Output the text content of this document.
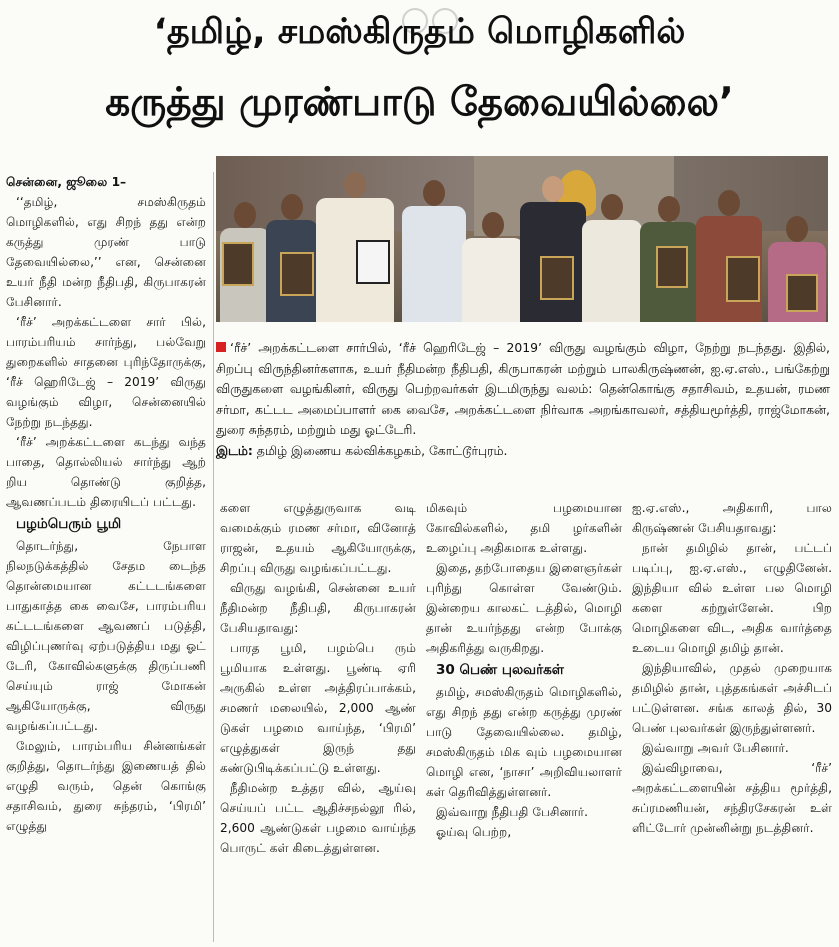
‘தமிழ், சமஸ்கிருதம் மொழிகளில்
கருத்து முரண்பாடு தேவையில்லை’

சென்னை, ஜூலை 1–

‘‘தமிழ், சமஸ்கிருதம் மொழிகளில், எது சிறந் தது என்ற கருத்து முரண் பாடு தேவையில்லை,’’ என, சென்னை உயர் நீதி மன்ற நீதிபதி, கிருபாகரன் பேசினார்.

‘ரீச்’ அறக்கட்டளை சார் பில், பாரம்பரியம் சார்ந்து, பல்வேறு துறைகளில் சாதனை புரிந்தோருக்கு, ‘ரீச் ஹெரிடேஜ் – 2019’ விருது வழங்கும் விழா, சென்னையில் நேற்று நடந்தது.

‘ரீச்’ அறக்கட்டளை கடந்து வந்த பாதை, தொல்லியல் சார்ந்து ஆற் றிய தொண்டு குறித்த, ஆவணப்படம் திரையிடப் பட்டது.

பழம்பெரும் பூமி

தொடர்ந்து, நேபாள நிலநடுக்கத்தில் சேதம டைந்த தொன்மையான கட்டடங்களை பாதுகாத்த கை வைசே, பாரம்பரிய கட்டடங்களை ஆவணப் படுத்தி, விழிப்புணர்வு ஏற்படுத்திய மது ஓட் டேரி, கோவில்களுக்கு திருப்பணி செய்யும் ராஜ் மோகன் ஆகியோருக்கு, விருது வழங்கப்பட்டது.

மேலும், பாரம்பரிய சின்னங்கள் குறித்து, தொடர்ந்து இணையத் தில் எழுதி வரும், தென் கொங்கு சதாசிவம், துரை சுந்தரம், ‘பிரமி’ எழுத்து

‘ரீச்’ அறக்கட்டளை சார்பில், ‘ரீச் ஹெரிடேஜ் – 2019’ விருது வழங்கும் விழா, நேற்று நடந்தது. இதில், சிறப்பு விருந்தினர்களாக, உயர் நீதிமன்ற நீதிபதி, கிருபாகரன் மற்றும் பாலகிருஷ்ணன், ஐ.ஏ.எஸ்., பங்கேற்று விருதுகளை வழங்கினர், விருது பெற்றவர்கள் இடமிருந்து வலம்: தென்கொங்கு சதாசிவம், உதயன், ரமண சர்மா, கட்டட அமைப்பாளர் கை வைசே, அறக்கட்டளை நிர்வாக அறங்காவலர், சத்தியமூர்த்தி, ராஜ்மோகன், துரை சுந்தரம், மற்றும் மது ஓட்டேரி.
இடம்: தமிழ் இணைய கல்விக்கழகம், கோட்டூர்புரம்.

களை எழுத்துருவாக வடி வமைக்கும் ரமண சர்மா, வினோத் ராஜன், உதயம் ஆகியோருக்கு, சிறப்பு விருது வழங்கப்பட்டது.

விருது வழங்கி, சென்னை உயர் நீதிமன்ற நீதிபதி, கிருபாகரன் பேசியதாவது:

பாரத பூமி, பழம்பெ ரும் பூமியாக உள்ளது. பூண்டி ஏரி அருகில் உள்ள அத்திரப்பாக்கம், சமணர் மலையில், 2,000 ஆண் டுகள் பழமை வாய்ந்த, ‘பிரமி’ எழுத்துகள் இருந் தது கண்டுபிடிக்கப்பட்டு உள்ளது.

நீதிமன்ற உத்தர வில், ஆய்வு செய்யப் பட்ட ஆதிச்சநல்லூ ரில், 2,600 ஆண்டுகள் பழமை வாய்ந்த பொருட் கள் கிடைத்துள்ளன.

மிகவும் பழமையான கோவில்களில், தமி ழர்களின் உழைப்பு அதிகமாக உள்ளது.

இதை, தற்போதைய இளைஞர்கள் புரிந்து கொள்ள வேண்டும். இன்றைய காலகட் டத்தில், மொழி தான் உயர்ந்தது என்ற போக்கு அதிகரித்து வருகிறது.

30 பெண் புலவர்கள்

தமிழ், சமஸ்கிருதம் மொழிகளில், எது சிறந் தது என்ற கருத்து முரண் பாடு தேவையில்லை. தமிழ், சமஸ்கிருதம் மிக வும் பழமையான மொழி என, ‘நாசா’ அறிவியலாளர் கள் தெரிவித்துள்ளனர்.

இவ்வாறு நீதிபதி பேசினார்.

ஓய்வு பெற்ற,

ஐ.ஏ.எஸ்., அதிகாரி, பால கிருஷ்ணன் பேசியதாவது:

நான் தமிழில் தான், பட்டப் படிப்பு, ஐ.ஏ.எஸ்., எழுதினேன். இந்தியா வில் உள்ள பல மொழி களை கற்றுள்ளேன். பிற மொழிகளை விட, அதிக வார்த்தை உடைய மொழி தமிழ் தான்.

இந்தியாவில், முதல் முறையாக தமிழில் தான், புத்தகங்கள் அச்சிடப் பட்டுள்ளன. சங்க காலத் தில், 30 பெண் புலவர்கள் இருந்துள்ளனர்.

இவ்வாறு அவர் பேசினார்.

இவ்விழாவை, ‘ரீச்’ அறக்கட்டளையின் சத்திய மூர்த்தி, சுப்ரமணியன், சந்திரசேகரன் உள் ளிட்டோர் முன்னின்று நடத்தினர்.
